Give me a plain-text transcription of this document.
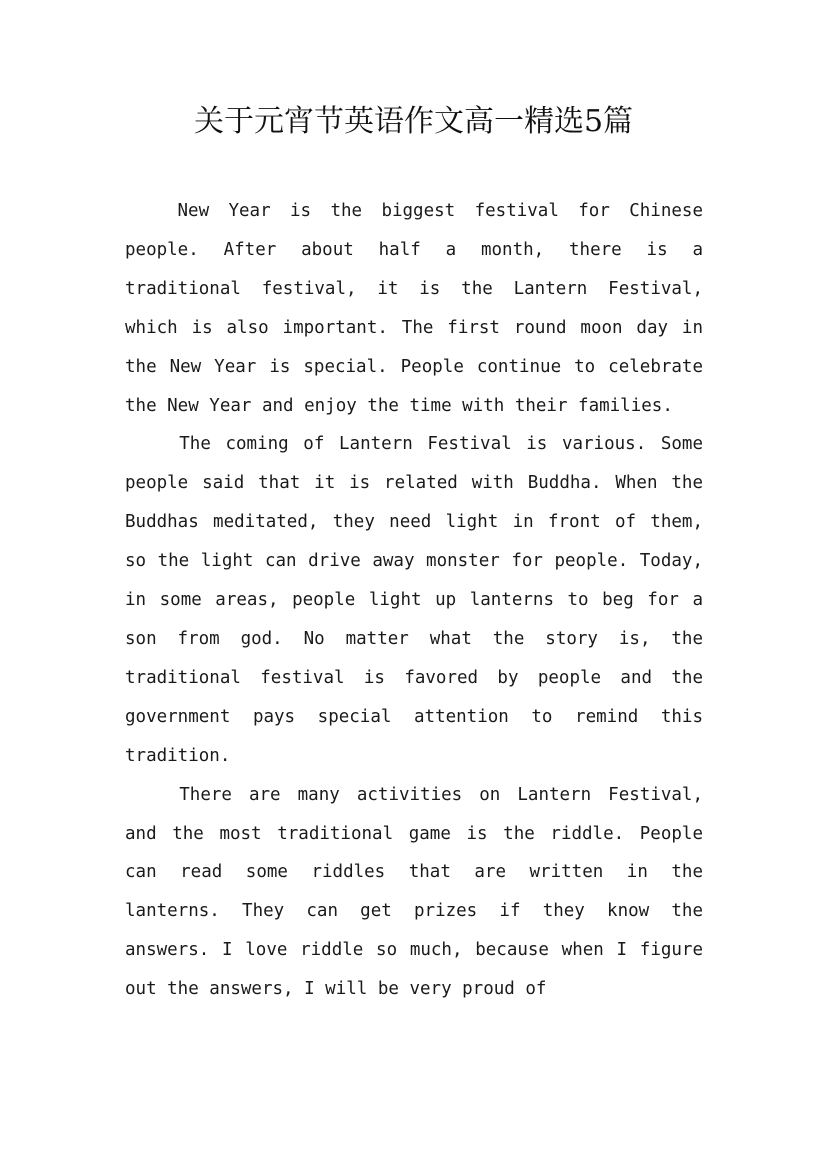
关于元宵节英语作文高一精选5篇

New Year is the biggest festival for Chinese people. After about half a month, there is a traditional festival, it is the Lantern Festival, which is also important. The first round moon day in the New Year is special. People continue to celebrate the New Year and enjoy the time with their families.

The coming of Lantern Festival is various. Some people said that it is related with Buddha. When the Buddhas meditated, they need light in front of them, so the light can drive away monster for people. Today, in some areas, people light up lanterns to beg for a son from god. No matter what the story is, the traditional festival is favored by people and the government pays special attention to remind this tradition.

There are many activities on Lantern Festival, and the most traditional game is the riddle. People can read some riddles that are written in the lanterns. They can get prizes if they know the answers. I love riddle so much, because when I figure out the answers, I will be very proud of
